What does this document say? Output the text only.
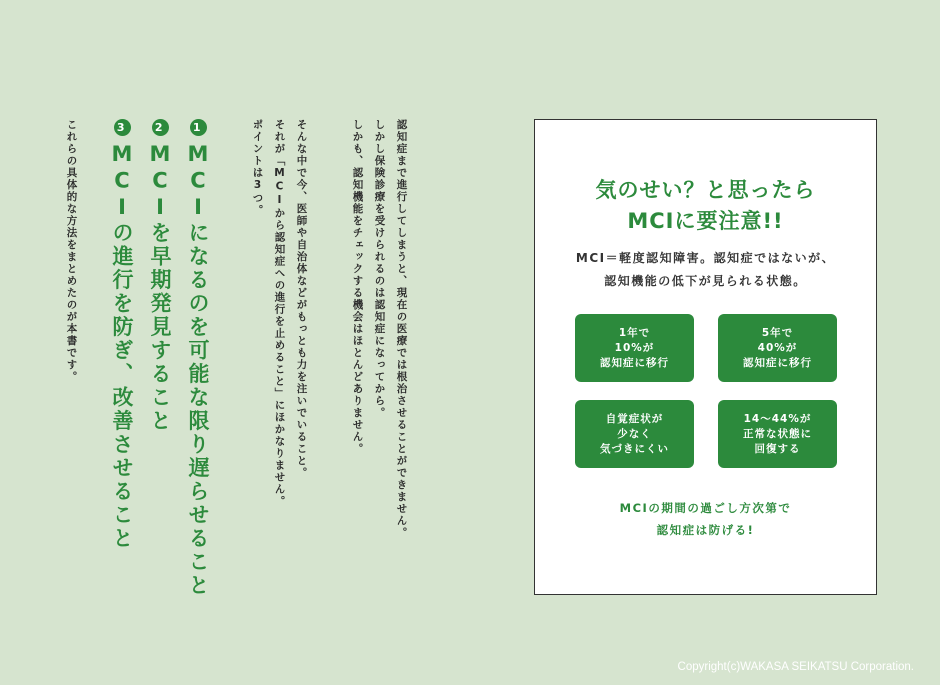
認知症まで進行してしまうと、現在の医療では根治させることができません。
しかし保険診療を受けられるのは認知症になってから。
しかも、認知機能をチェックする機会はほとんどありません。
そんな中で今、医師や自治体などがもっとも力を注いでいること。
それが「MCIから認知症への進行を止めること」にほかなりません。
ポイントは3つ。
1MCIになるのを可能な限り遅らせること
2MCIを早期発見すること
3MCIの進行を防ぎ、改善させること
これらの具体的な方法をまとめたのが本書です。	気のせい？と思ったら
MCIに要注意!!
MCI＝軽度認知障害。認知症ではないが、
認知機能の低下が見られる状態。
1年で
10%が
認知症に移行
5年で
40%が
認知症に移行
自覚症状が
少なく
気づきにくい
14〜44%が
正常な状態に
回復する
MCIの期間の過ごし方次第で
認知症は防げる!
Copyright(c)WAKASA SEIKATSU Corporation.
